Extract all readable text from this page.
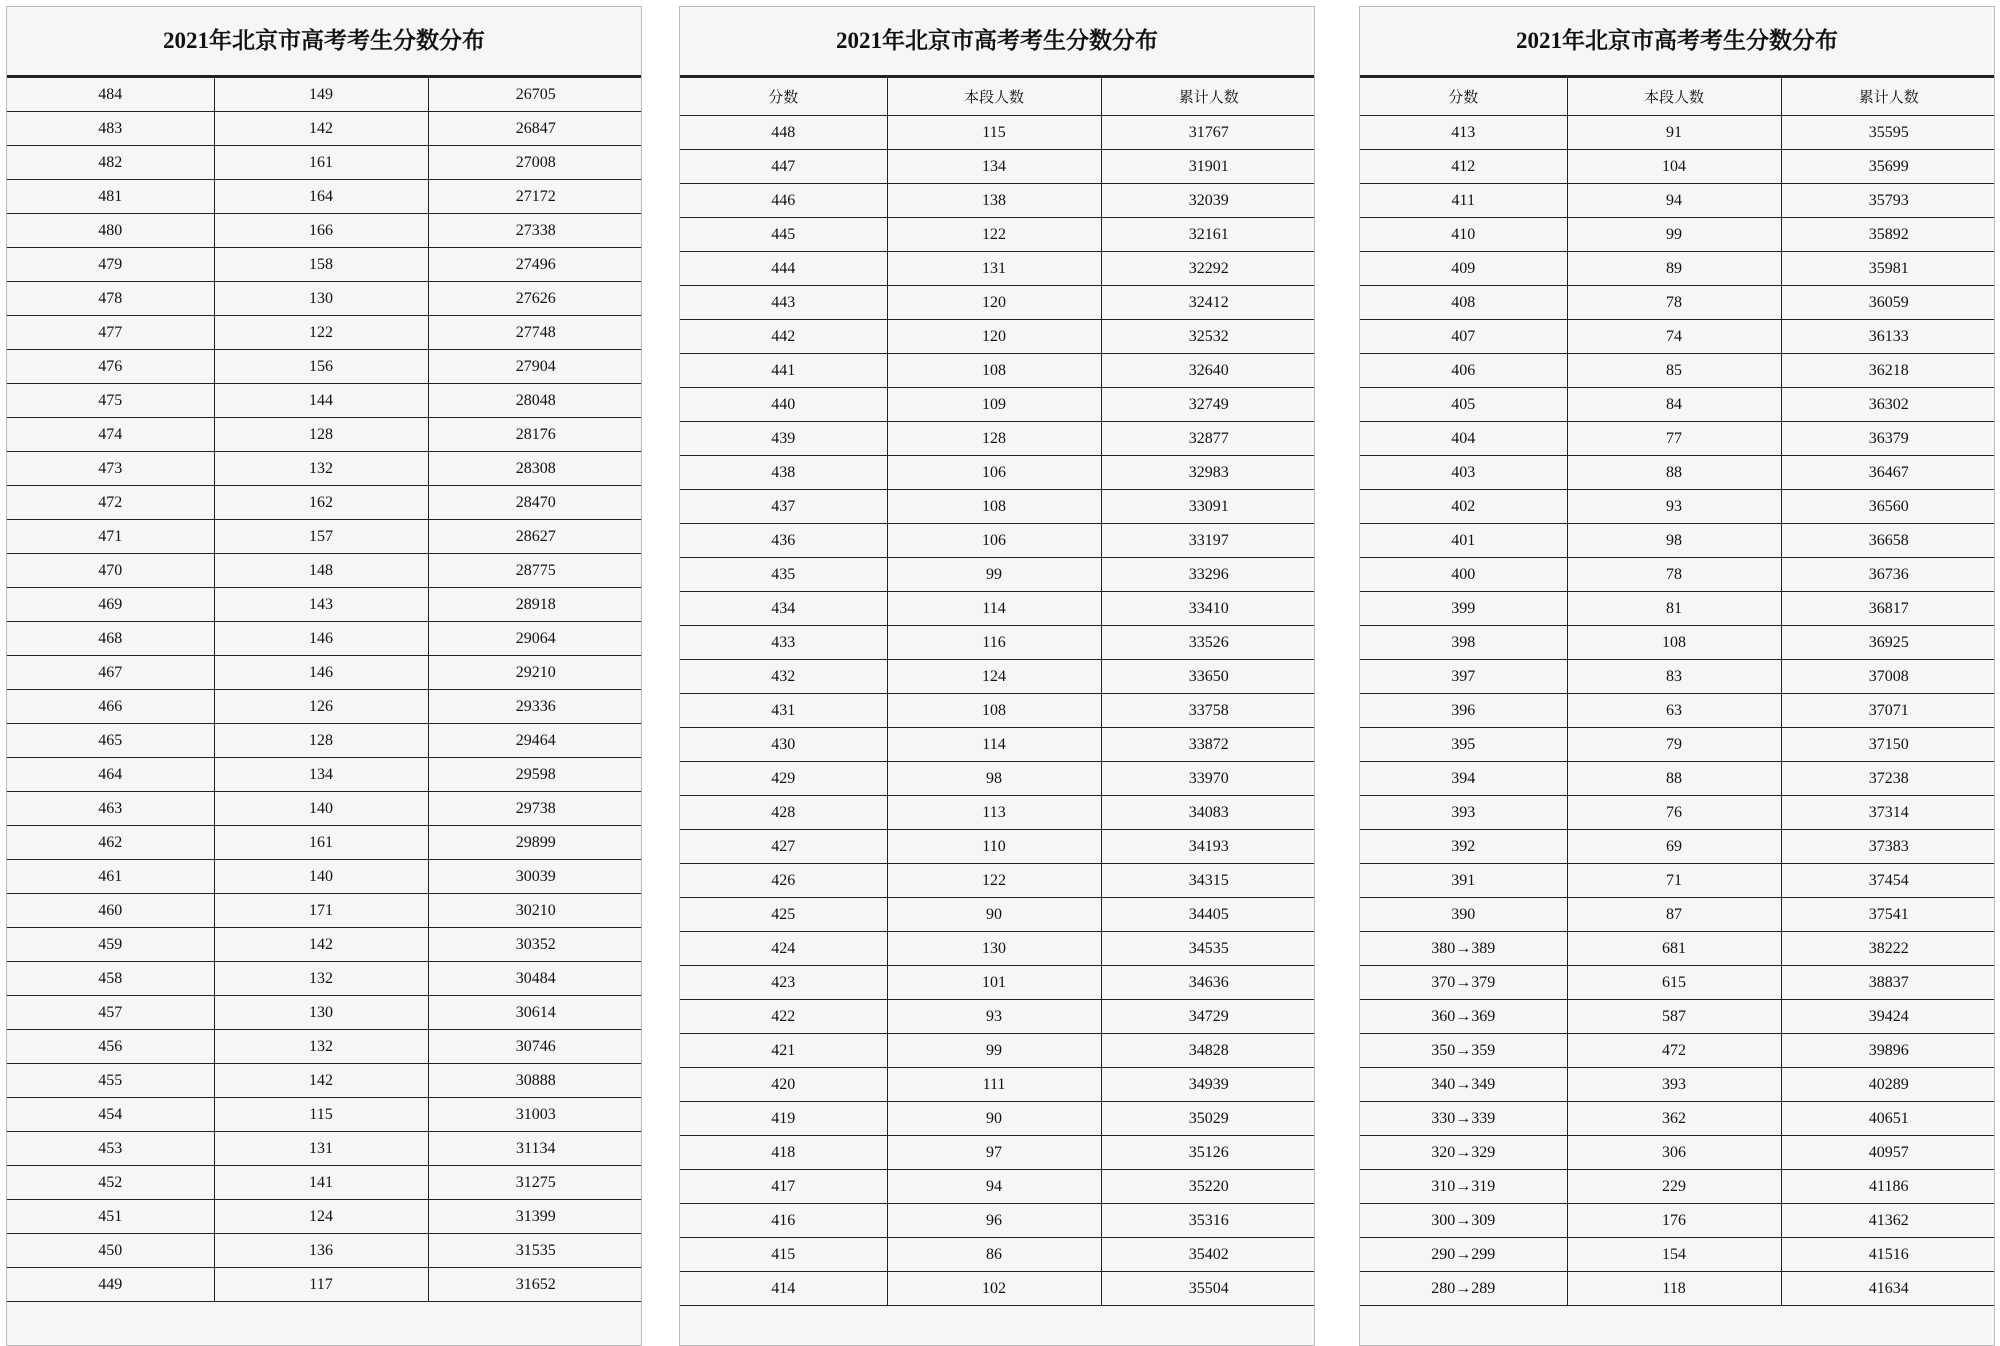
2021年北京市高考考生分数分布
484	149	26705
483	142	26847
482	161	27008
481	164	27172
480	166	27338
479	158	27496
478	130	27626
477	122	27748
476	156	27904
475	144	28048
474	128	28176
473	132	28308
472	162	28470
471	157	28627
470	148	28775
469	143	28918
468	146	29064
467	146	29210
466	126	29336
465	128	29464
464	134	29598
463	140	29738
462	161	29899
461	140	30039
460	171	30210
459	142	30352
458	132	30484
457	130	30614
456	132	30746
455	142	30888
454	115	31003
453	131	31134
452	141	31275
451	124	31399
450	136	31535
449	117	31652
2021年北京市高考考生分数分布
分数	本段人数	累计人数
448	115	31767
447	134	31901
446	138	32039
445	122	32161
444	131	32292
443	120	32412
442	120	32532
441	108	32640
440	109	32749
439	128	32877
438	106	32983
437	108	33091
436	106	33197
435	99	33296
434	114	33410
433	116	33526
432	124	33650
431	108	33758
430	114	33872
429	98	33970
428	113	34083
427	110	34193
426	122	34315
425	90	34405
424	130	34535
423	101	34636
422	93	34729
421	99	34828
420	111	34939
419	90	35029
418	97	35126
417	94	35220
416	96	35316
415	86	35402
414	102	35504
2021年北京市高考考生分数分布
分数	本段人数	累计人数
413	91	35595
412	104	35699
411	94	35793
410	99	35892
409	89	35981
408	78	36059
407	74	36133
406	85	36218
405	84	36302
404	77	36379
403	88	36467
402	93	36560
401	98	36658
400	78	36736
399	81	36817
398	108	36925
397	83	37008
396	63	37071
395	79	37150
394	88	37238
393	76	37314
392	69	37383
391	71	37454
390	87	37541
380→389	681	38222
370→379	615	38837
360→369	587	39424
350→359	472	39896
340→349	393	40289
330→339	362	40651
320→329	306	40957
310→319	229	41186
300→309	176	41362
290→299	154	41516
280→289	118	41634
